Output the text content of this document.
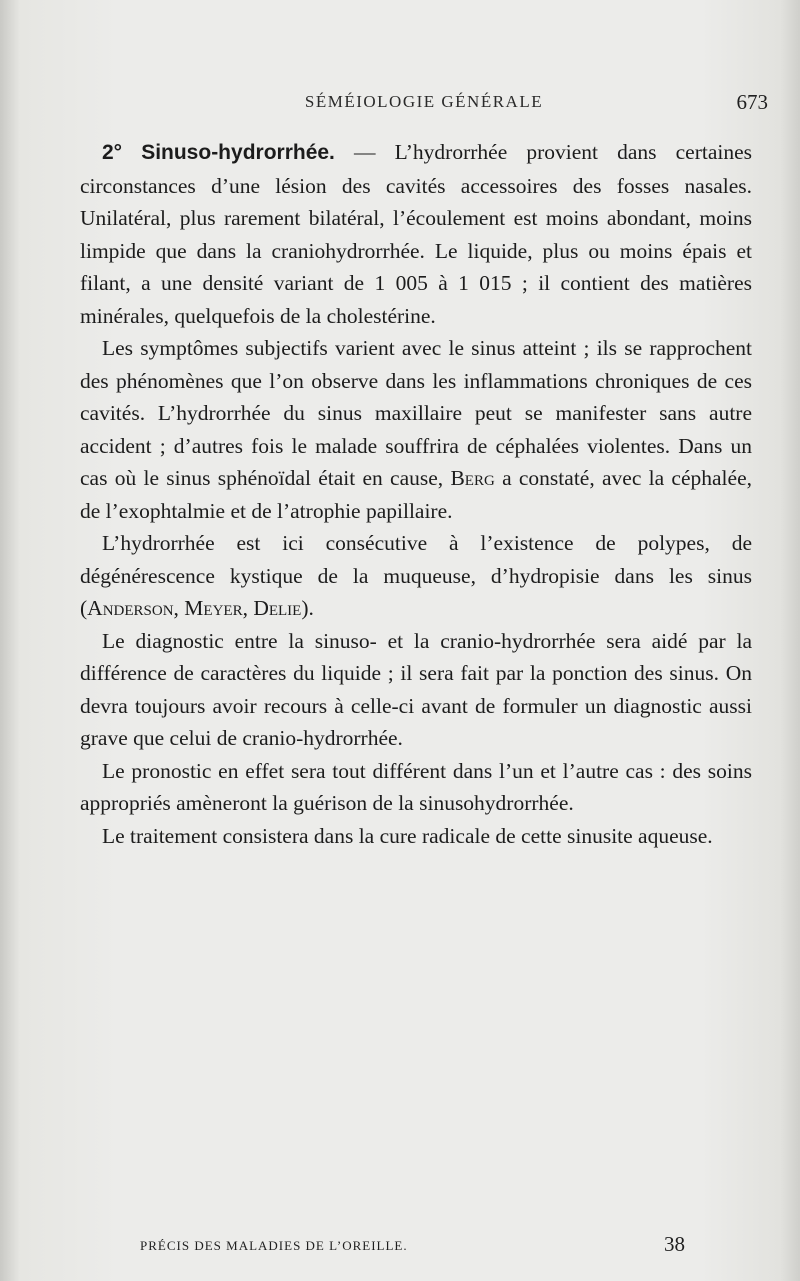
SÉMÉIOLOGIE GÉNÉRALE	673

2° Sinuso-hydrorrhée. — L’hydrorrhée provient dans certaines circonstances d’une lésion des cavités accessoires des fosses nasales. Unilatéral, plus rarement bilatéral, l’écoulement est moins abondant, moins limpide que dans la craniohydrorrhée. Le liquide, plus ou moins épais et filant, a une densité variant de 1 005 à 1 015 ; il contient des matières minérales, quelquefois de la cholestérine.

Les symptômes subjectifs varient avec le sinus atteint ; ils se rapprochent des phénomènes que l’on observe dans les inflammations chroniques de ces cavités. L’hydrorrhée du sinus maxillaire peut se manifester sans autre accident ; d’autres fois le malade souffrira de céphalées violentes. Dans un cas où le sinus sphénoïdal était en cause, Berg a constaté, avec la céphalée, de l’exophtalmie et de l’atrophie papillaire.

L’hydrorrhée est ici consécutive à l’existence de polypes, de dégénérescence kystique de la muqueuse, d’hydropisie dans les sinus (Anderson, Meyer, Delie).

Le diagnostic entre la sinuso- et la cranio-hydrorrhée sera aidé par la différence de caractères du liquide ; il sera fait par la ponction des sinus. On devra toujours avoir recours à celle-ci avant de formuler un diagnostic aussi grave que celui de cranio-hydrorrhée.

Le pronostic en effet sera tout différent dans l’un et l’autre cas : des soins appropriés amèneront la guérison de la sinusohydrorrhée.

Le traitement consistera dans la cure radicale de cette sinusite aqueuse.

PRÉCIS DES MALADIES DE L’OREILLE.	38
